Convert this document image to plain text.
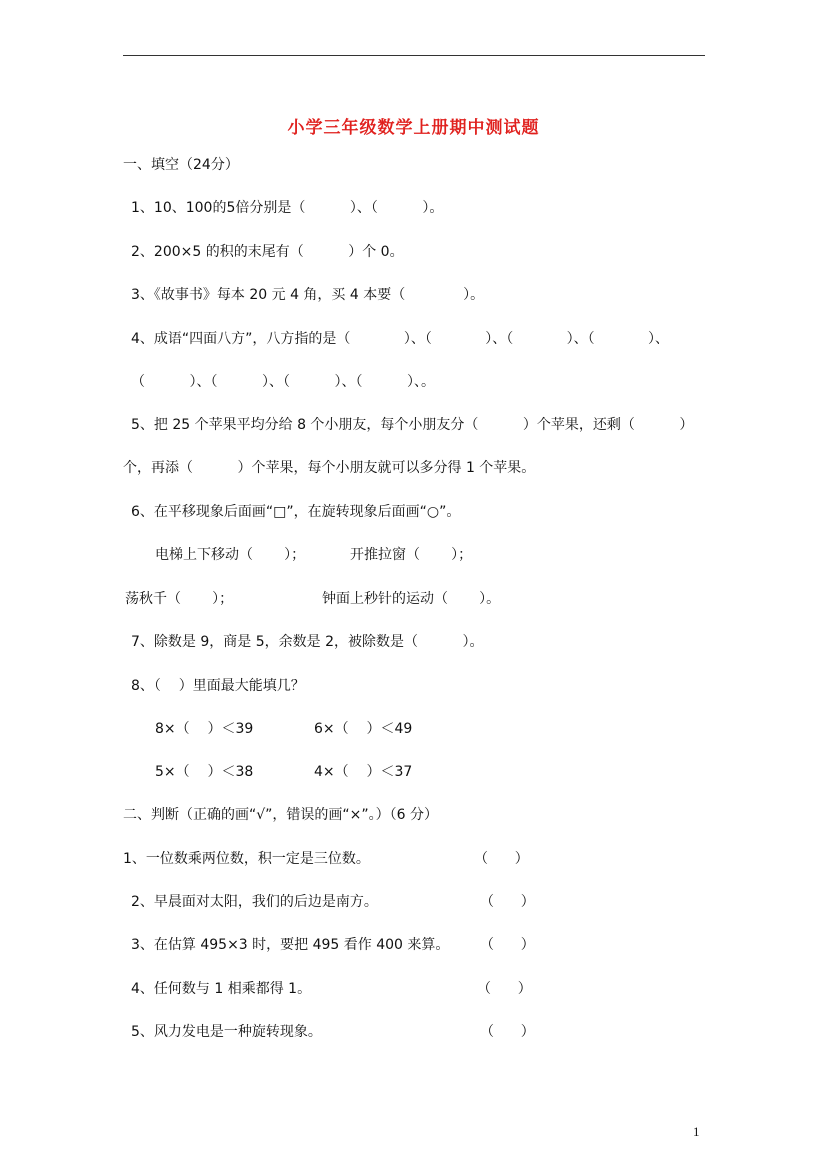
小学三年级数学上册期中测试题
一、填空（24分）
1、10、100的5倍分别是（          ）、（          ）。
2、200×5 的积的末尾有（          ）个 0。
3、《故事书》每本 20 元 4 角，买 4 本要（             ）。
4、成语“四面八方”，八方指的是（            ）、（            ）、（            ）、（            ）、
（          ）、（          ）、（          ）、（          ）、。
5、把 25 个苹果平均分给 8 个小朋友，每个小朋友分（          ）个苹果，还剩（          ）
个，再添（          ）个苹果，每个小朋友就可以多分得 1 个苹果。
6、在平移现象后面画“□”，在旋转现象后面画“○”。
电梯上下移动（       ）；	开推拉窗（       ）；
荡秋千（       ）；	钟面上秒针的运动（       ）。
7、除数是 9，商是 5，余数是 2，被除数是（          ）。
8、（    ）里面最大能填几？
8×（    ）＜39	6×（    ）＜49
5×（    ）＜38	4×（    ）＜37
二、判断（正确的画“√”，错误的画“×”。）（6 分）
1、一位数乘两位数，积一定是三位数。	（      ）
2、早晨面对太阳，我们的后边是南方。	（      ）
3、在估算 495×3 时，要把 495 看作 400 来算。 （      ）
4、任何数与 1 相乘都得 1。	（      ）
5、风力发电是一种旋转现象。	（      ）
1
